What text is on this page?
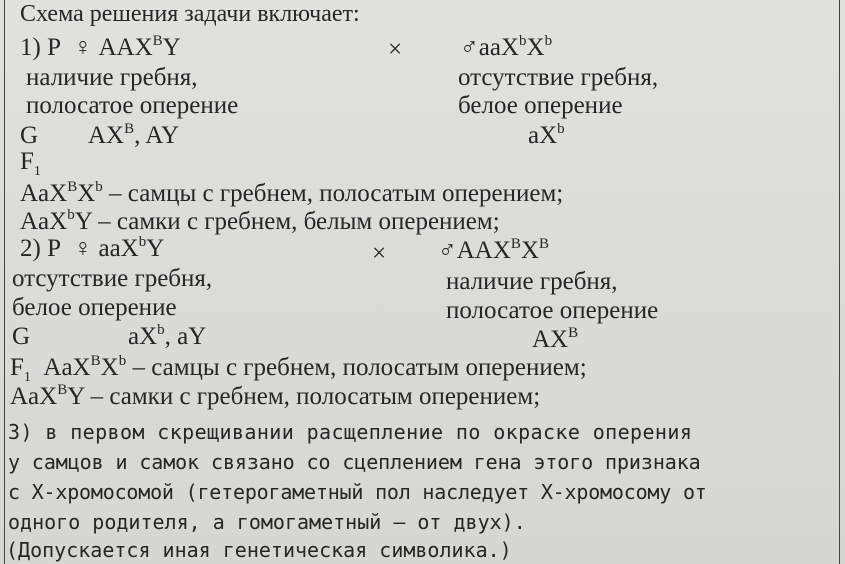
Схема решения задачи включает:
1) P ♀ $AAX^BY$	× $♂aaX^bX^b$
наличие гребня,	отсутствие гребня,
полосатое оперение	белое оперение
G $AX^B$, AY	$aX^b$
$F_1$
$AaX^BX^b$ – самцы с гребнем, полосатым оперением;
AaX$^b$Y – самки с гребнем, белым оперением;
2) P ♀ aaX$^b$Y	× $♂AAX^BX^B$
отсутствие гребня,	наличие гребня,
белое оперение	полосатое оперение
G	$aX^b$, aY	$AX^B$
$F_1$ $AaX^BX^b$ – самцы с гребнем, полосатым оперением;
AaX$^B$Y – самки с гребнем, полосатым оперением;
3) в первом скрещивании расщепление по окраске оперения
у самцов и самок связано со сцеплением гена этого признака
с Х-хромосомой (гетерогаметный пол наследует Х-хромосому от
одного родителя, а гомогаметный – от двух).
(Допускается иная генетическая символика.)
